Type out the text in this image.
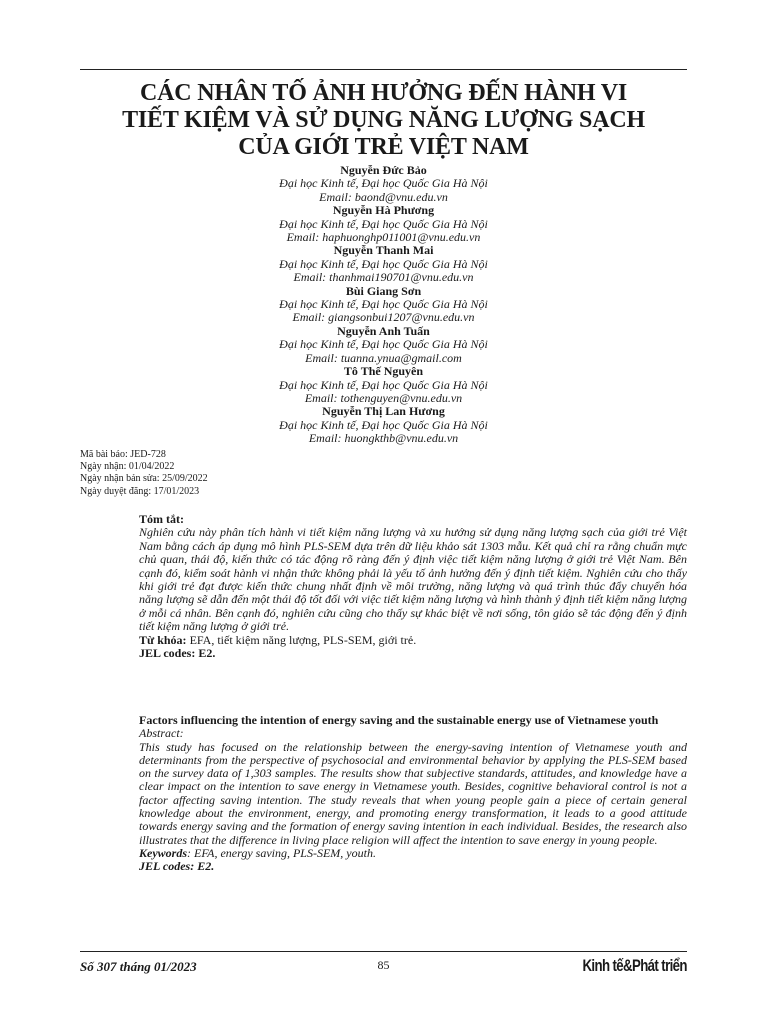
CÁC NHÂN TỐ ẢNH HƯỞNG ĐẾN HÀNH VI
TIẾT KIỆM VÀ SỬ DỤNG NĂNG LƯỢNG SẠCH
CỦA GIỚI TRẺ VIỆT NAM
Nguyễn Đức Bảo
Đại học Kinh tế, Đại học Quốc Gia Hà Nội
Email: baond@vnu.edu.vn
Nguyễn Hà Phương
Đại học Kinh tế, Đại học Quốc Gia Hà Nội
Email: haphuonghp011001@vnu.edu.vn
Nguyễn Thanh Mai
Đại học Kinh tế, Đại học Quốc Gia Hà Nội
Email: thanhmai190701@vnu.edu.vn
Bùi Giang Sơn
Đại học Kinh tế, Đại học Quốc Gia Hà Nội
Email: giangsonbui1207@vnu.edu.vn
Nguyễn Anh Tuấn
Đại học Kinh tế, Đại học Quốc Gia Hà Nội
Email: tuanna.ynua@gmail.com
Tô Thế Nguyên
Đại học Kinh tế, Đại học Quốc Gia Hà Nội
Email: tothenguyen@vnu.edu.vn
Nguyễn Thị Lan Hương
Đại học Kinh tế, Đại học Quốc Gia Hà Nội
Email: huongkthb@vnu.edu.vn
Mã bài báo: JED-728
Ngày nhận: 01/04/2022
Ngày nhận bản sửa: 25/09/2022
Ngày duyệt đăng: 17/01/2023
Tóm tắt:
Nghiên cứu này phân tích hành vi tiết kiệm năng lượng và xu hướng sử dụng năng lượng sạch của giới trẻ Việt Nam bằng cách áp dụng mô hình PLS-SEM dựa trên dữ liệu khảo sát 1303 mẫu. Kết quả chỉ ra rằng chuẩn mực chủ quan, thái độ, kiến thức có tác động rõ ràng đến ý định việc tiết kiệm năng lượng ở giới trẻ Việt Nam. Bên cạnh đó, kiểm soát hành vi nhận thức không phải là yếu tố ảnh hưởng đến ý định tiết kiệm. Nghiên cứu cho thấy khi giới trẻ đạt được kiến thức chung nhất định về môi trường, năng lượng và quá trình thúc đẩy chuyển hóa năng lượng sẽ dẫn đến một thái độ tốt đối với việc tiết kiệm năng lượng và hình thành ý định tiết kiệm năng lượng ở mỗi cá nhân. Bên cạnh đó, nghiên cứu cũng cho thấy sự khác biệt về nơi sống, tôn giáo sẽ tác động đến ý định tiết kiệm năng lượng ở giới trẻ.
Từ khóa: EFA, tiết kiệm năng lượng, PLS-SEM, giới trẻ.
JEL codes: E2.
Factors influencing the intention of energy saving and the sustainable energy use of Vietnamese youth
Abstract:
This study has focused on the relationship between the energy-saving intention of Vietnamese youth and determinants from the perspective of psychosocial and environmental behavior by applying the PLS-SEM based on the survey data of 1,303 samples. The results show that subjective standards, attitudes, and knowledge have a clear impact on the intention to save energy in Vietnamese youth. Besides, cognitive behavioral control is not a factor affecting saving intention. The study reveals that when young people gain a piece of certain general knowledge about the environment, energy, and promoting energy transformation, it leads to a good attitude towards energy saving and the formation of energy saving intention in each individual. Besides, the research also illustrates that the difference in living place religion will affect the intention to save energy in young people.
Keywords: EFA, energy saving, PLS-SEM, youth.
JEL codes: E2.
Số 307 tháng 01/2023	85	Kinh tế&Phát triển
